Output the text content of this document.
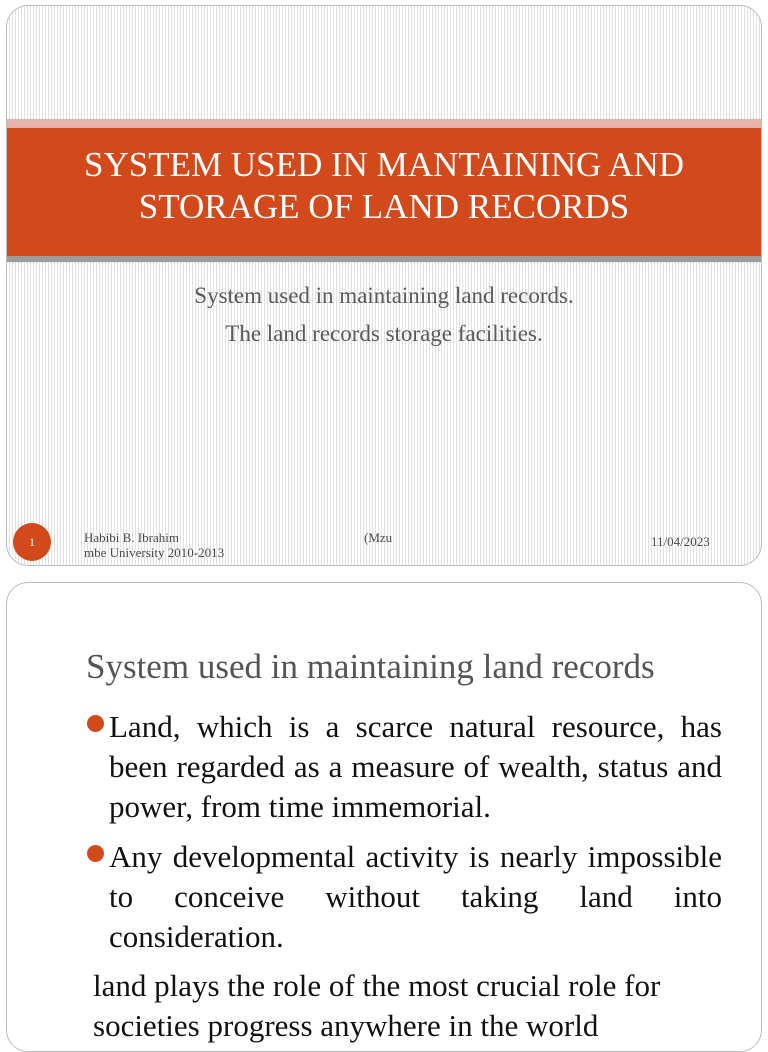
SYSTEM USED IN MANTAINING AND STORAGE OF LAND RECORDS
System used in maintaining land records.
The land records storage facilities.
1	Habibi B. Ibrahim
mbe University 2010-2013
(Mzu	11/04/2023
System used in maintaining land records

Land, which is a scarce natural resource, has been regarded as a measure of wealth, status and power, from time immemorial.

Any developmental activity is nearly impossible to conceive without taking land into consideration.

land plays the role of the most crucial role for societies progress anywhere in the world
